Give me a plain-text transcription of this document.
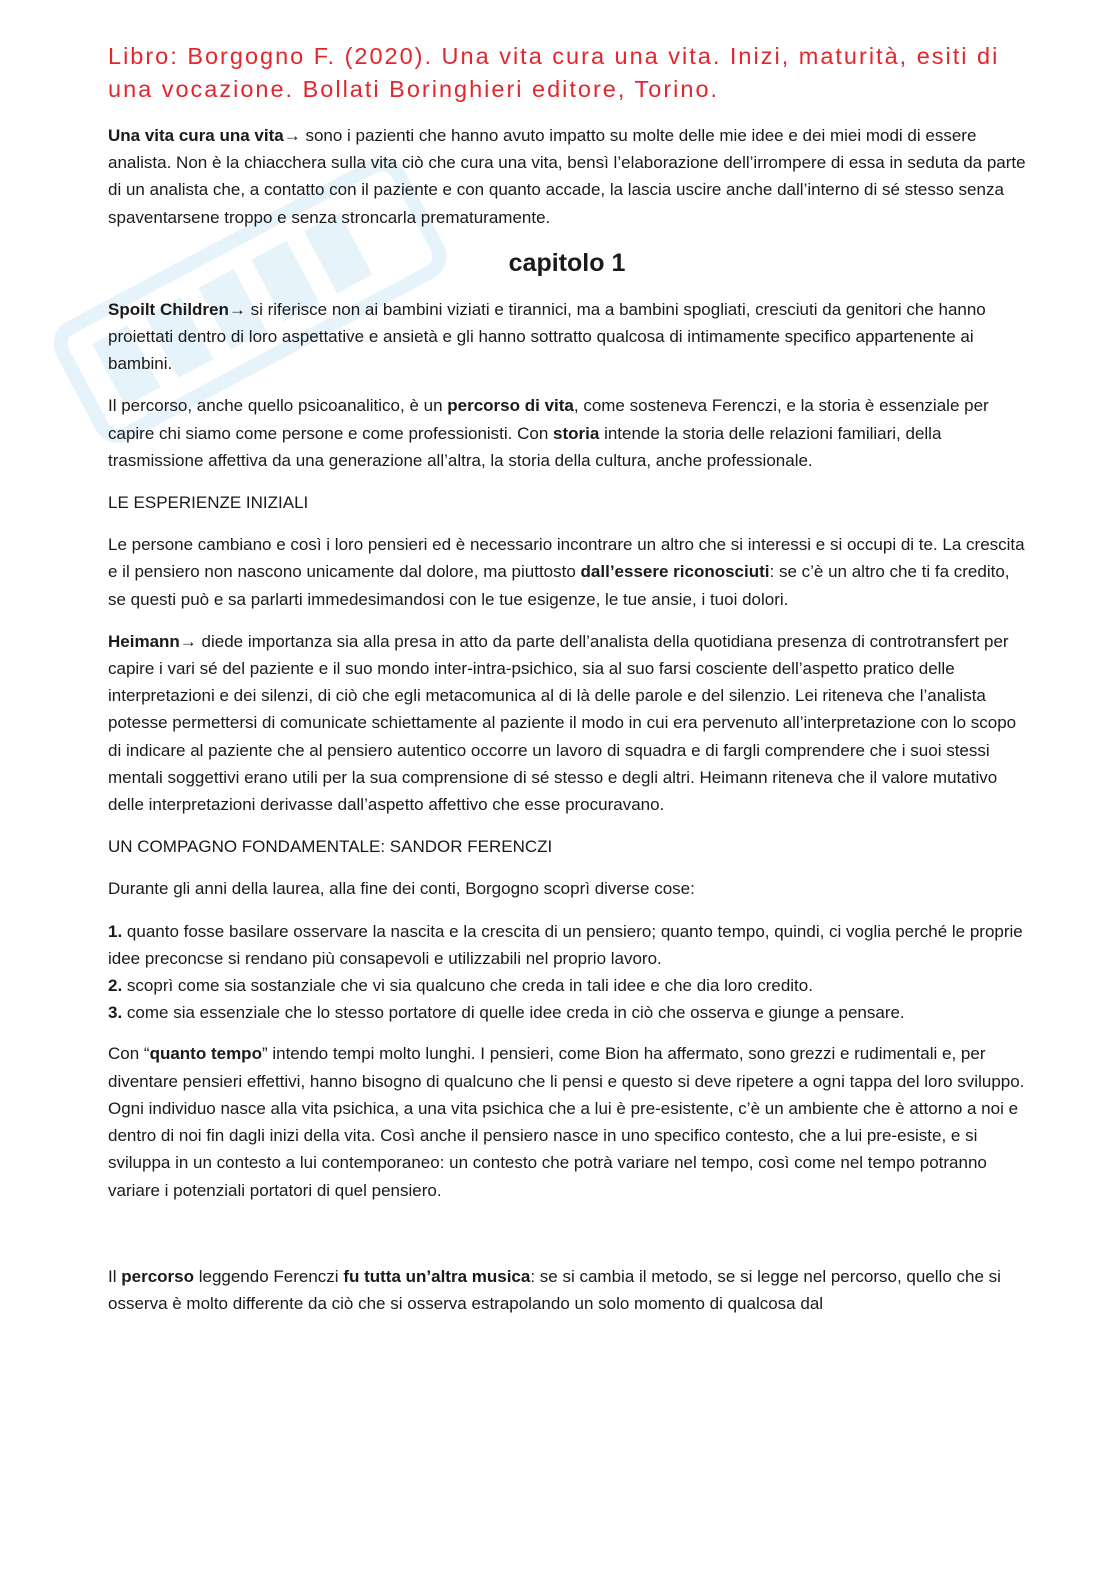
Libro: Borgogno F. (2020). Una vita cura una vita. Inizi, maturità, esiti di una vocazione. Bollati Boringhieri editore, Torino.

Una vita cura una vita→ sono i pazienti che hanno avuto impatto su molte delle mie idee e dei miei modi di essere analista. Non è la chiacchera sulla vita ciò che cura una vita, bensì l’elaborazione dell’irrompere di essa in seduta da parte di un analista che, a contatto con il paziente e con quanto accade, la lascia uscire anche dall’interno di sé stesso senza spaventarsene troppo e senza stroncarla prematuramente.

capitolo 1

Spoilt Children→ si riferisce non ai bambini viziati e tirannici, ma a bambini spogliati, cresciuti da genitori che hanno proiettati dentro di loro aspettative e ansietà e gli hanno sottratto qualcosa di intimamente specifico appartenente ai bambini.

Il percorso, anche quello psicoanalitico, è un percorso di vita, come sosteneva Ferenczi, e la storia è essenziale per capire chi siamo come persone e come professionisti. Con storia intende la storia delle relazioni familiari, della trasmissione affettiva da una generazione all’altra, la storia della cultura, anche professionale.

LE ESPERIENZE INIZIALI

Le persone cambiano e così i loro pensieri ed è necessario incontrare un altro che si interessi e si occupi di te. La crescita e il pensiero non nascono unicamente dal dolore, ma piuttosto dall’essere riconosciuti: se c’è un altro che ti fa credito, se questi può e sa parlarti immedesimandosi con le tue esigenze, le tue ansie, i tuoi dolori.

Heimann→ diede importanza sia alla presa in atto da parte dell’analista della quotidiana presenza di controtransfert per capire i vari sé del paziente e il suo mondo inter-intra-psichico, sia al suo farsi cosciente dell’aspetto pratico delle interpretazioni e dei silenzi, di ciò che egli metacomunica al di là delle parole e del silenzio. Lei riteneva che l’analista potesse permettersi di comunicate schiettamente al paziente il modo in cui era pervenuto all’interpretazione con lo scopo di indicare al paziente che al pensiero autentico occorre un lavoro di squadra e di fargli comprendere che i suoi stessi mentali soggettivi erano utili per la sua comprensione di sé stesso e degli altri. Heimann riteneva che il valore mutativo delle interpretazioni derivasse dall’aspetto affettivo che esse procuravano.

UN COMPAGNO FONDAMENTALE: SANDOR FERENCZI

Durante gli anni della laurea, alla fine dei conti, Borgogno scoprì diverse cose:

1. quanto fosse basilare osservare la nascita e la crescita di un pensiero; quanto tempo, quindi, ci voglia perché le proprie idee preconcse si rendano più consapevoli e utilizzabili nel proprio lavoro.
2. scoprì come sia sostanziale che vi sia qualcuno che creda in tali idee e che dia loro credito.
3. come sia essenziale che lo stesso portatore di quelle idee creda in ciò che osserva e giunge a pensare.

Con “quanto tempo” intendo tempi molto lunghi. I pensieri, come Bion ha affermato, sono grezzi e rudimentali e, per diventare pensieri effettivi, hanno bisogno di qualcuno che li pensi e questo si deve ripetere a ogni tappa del loro sviluppo. Ogni individuo nasce alla vita psichica, a una vita psichica che a lui è pre-esistente, c’è un ambiente che è attorno a noi e dentro di noi fin dagli inizi della vita. Così anche il pensiero nasce in uno specifico contesto, che a lui pre-esiste, e si sviluppa in un contesto a lui contemporaneo: un contesto che potrà variare nel tempo, così come nel tempo potranno variare i potenziali portatori di quel pensiero.

Il percorso leggendo Ferenczi fu tutta un’altra musica: se si cambia il metodo, se si legge nel percorso, quello che si osserva è molto differente da ciò che si osserva estrapolando un solo momento di qualcosa dal
